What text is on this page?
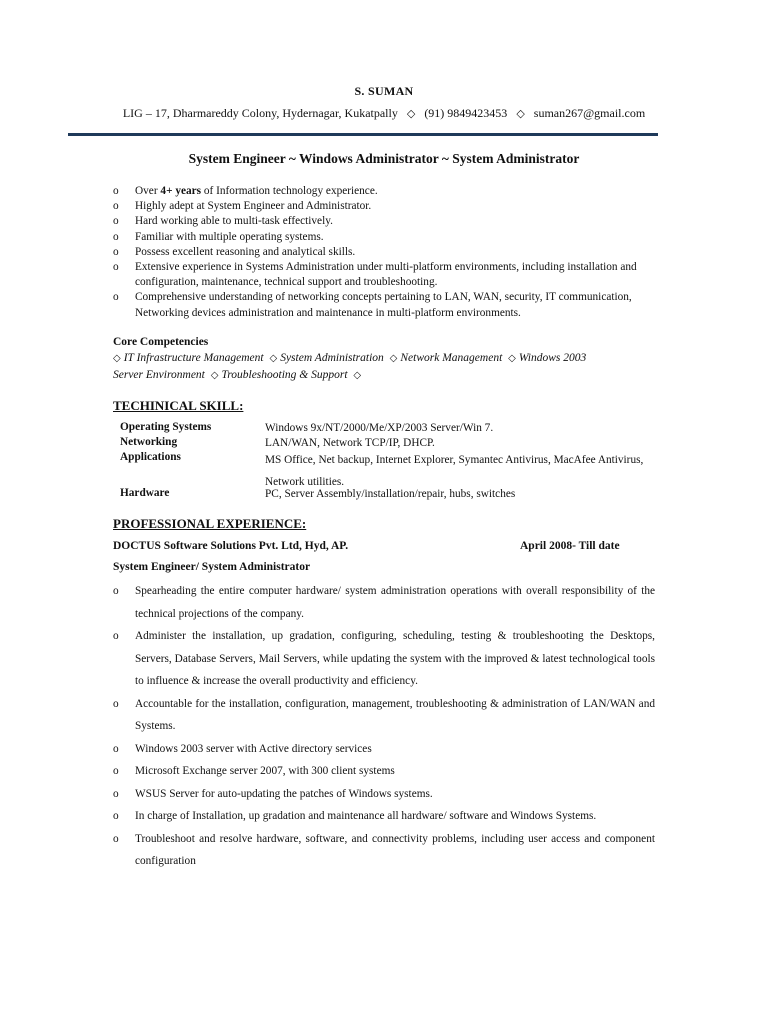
S. SUMAN
LIG – 17, Dharmareddy Colony, Hydernagar, Kukatpally ◇ (91) 9849423453 ◇ suman267@gmail.com
System Engineer ~ Windows Administrator ~ System Administrator
o Over 4+ years of Information technology experience.
o Highly adept at System Engineer and Administrator.
o Hard working able to multi-task effectively.
o Familiar with multiple operating systems.
o Possess excellent reasoning and analytical skills.
o Extensive experience in Systems Administration under multi-platform environments, including installation and configuration, maintenance, technical support and troubleshooting.
o Comprehensive understanding of networking concepts pertaining to LAN, WAN, security, IT communication, Networking devices administration and maintenance in multi-platform environments.
Core Competencies
◇ IT Infrastructure Management ◇ System Administration ◇ Network Management ◇ Windows 2003
Server Environment ◇ Troubleshooting & Support ◇
TECHINICAL SKILL:
Operating Systems	Windows 9x/NT/2000/Me/XP/2003 Server/Win 7.
Networking	LAN/WAN, Network TCP/IP, DHCP.
Applications	MS Office, Net backup, Internet Explorer, Symantec Antivirus, MacAfee Antivirus, Network utilities.
Hardware	PC, Server Assembly/installation/repair, hubs, switches
PROFESSIONAL EXPERIENCE:
DOCTUS Software Solutions Pvt. Ltd, Hyd, AP.	April 2008- Till date
System Engineer/ System Administrator
o Spearheading the entire computer hardware/ system administration operations with overall responsibility of the technical projections of the company.
o Administer the installation, up gradation, configuring, scheduling, testing & troubleshooting the Desktops, Servers, Database Servers, Mail Servers, while updating the system with the improved & latest technological tools to influence & increase the overall productivity and efficiency.
o Accountable for the installation, configuration, management, troubleshooting & administration of LAN/WAN and Systems.
o Windows 2003 server with Active directory services
o Microsoft Exchange server 2007, with 300 client systems
o WSUS Server for auto-updating the patches of Windows systems.
o In charge of Installation, up gradation and maintenance all hardware/ software and Windows Systems.
o Troubleshoot and resolve hardware, software, and connectivity problems, including user access and component configuration
